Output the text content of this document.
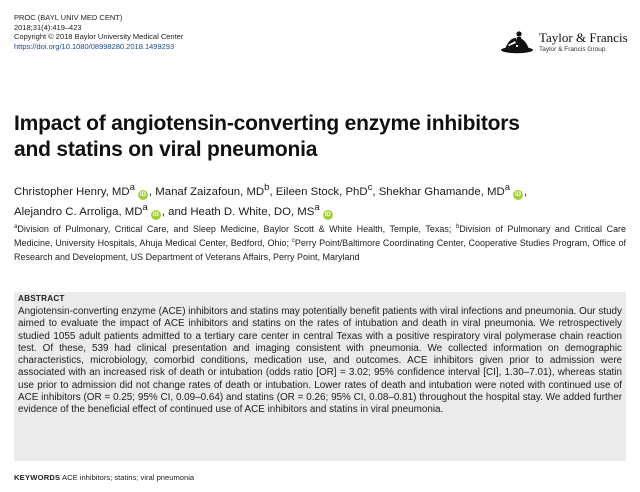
PROC (BAYL UNIV MED CENT)
2018;31(4):419–423
Copyright © 2018 Baylor University Medical Center
https://doi.org/10.1080/08998280.2018.1499293
Taylor & Francis
Taylor & Francis Group
Impact of angiotensin-converting enzyme inhibitors
and statins on viral pneumonia
Christopher Henry, $MD^aiD$ , Manaf Zaizafoun, $MD^b$, Eileen Stock, PhD$^c$, Shekhar Ghamande, $MD^aiD$ ,
Alejandro C. Arroliga, $MD^aiD$ , and Heath D. White, DO, $MS^aiD$
$^a$Division of Pulmonary, Critical Care, and Sleep Medicine, Baylor Scott & White Health, Temple, Texas; $^b$Division of Pulmonary and Critical Care Medicine, University Hospitals, Ahuja Medical Center, Bedford, Ohio; $^c$Perry Point/Baltimore Coordinating Center, Cooperative Studies Program, Office of Research and Development, US Department of Veterans Affairs, Perry Point, Maryland
ABSTRACT
Angiotensin-converting enzyme (ACE) inhibitors and statins may potentially benefit patients with viral infections and pneumonia. Our study aimed to evaluate the impact of ACE inhibitors and statins on the rates of intubation and death in viral pneumonia. We retrospectively studied 1055 adult patients admitted to a tertiary care center in central Texas with a positive respiratory viral polymerase chain reaction test. Of these, 539 had clinical presentation and imaging consistent with pneumonia. We collected information on demographic characteristics, microbiology, comorbid conditions, medication use, and outcomes. ACE inhibitors given prior to admission were associated with an increased risk of death or intubation (odds ratio [OR] = 3.02; 95% confidence interval [CI], 1.30–7.01), whereas statin use prior to admission did not change rates of death or intubation. Lower rates of death and intubation were noted with continued use of ACE inhibitors (OR = 0.25; 95% CI, 0.09–0.64) and statins (OR = 0.26; 95% CI, 0.08–0.81) throughout the hospital stay. We added further evidence of the beneficial effect of continued use of ACE inhibitors and statins in viral pneumonia.
KEYWORDS ACE inhibitors; statins; viral pneumonia
